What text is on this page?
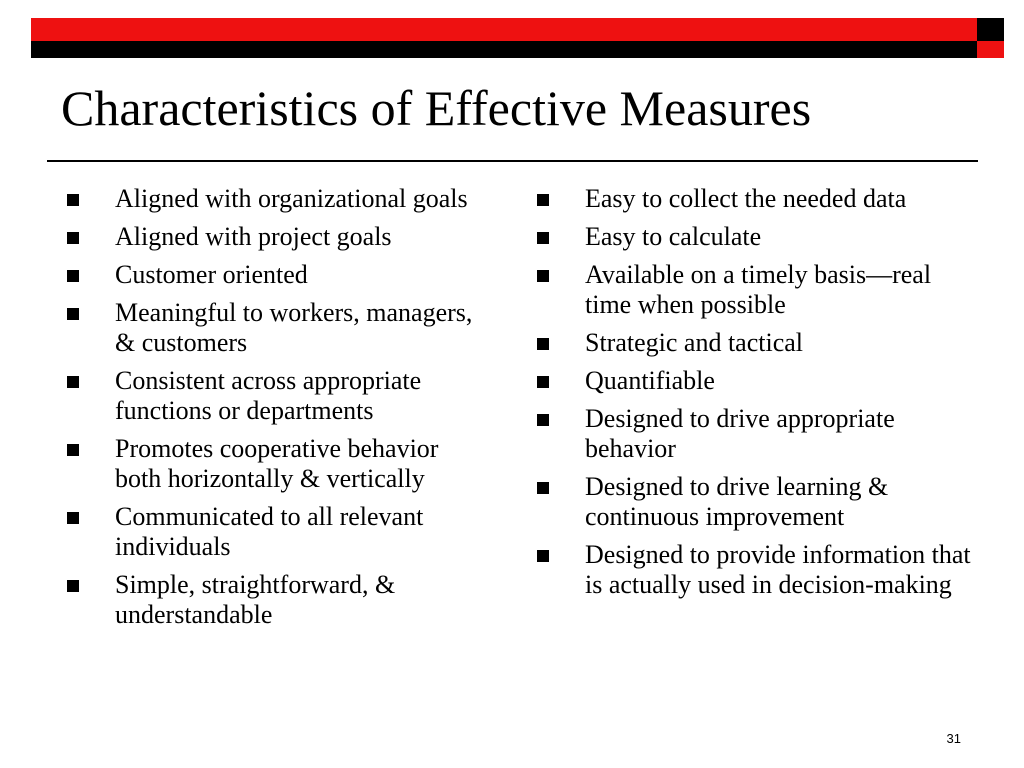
Characteristics of Effective Measures
Aligned with organizational goals
Aligned with project goals
Customer oriented
Meaningful to workers, managers, & customers
Consistent across appropriate functions or departments
Promotes cooperative behavior both horizontally & vertically
Communicated to all relevant individuals
Simple, straightforward, & understandable
Easy to collect the needed data
Easy to calculate
Available on a timely basis—real time when possible
Strategic and tactical
Quantifiable
Designed to drive appropriate behavior
Designed to drive learning & continuous improvement
Designed to provide information that is actually used in decision-making
31
